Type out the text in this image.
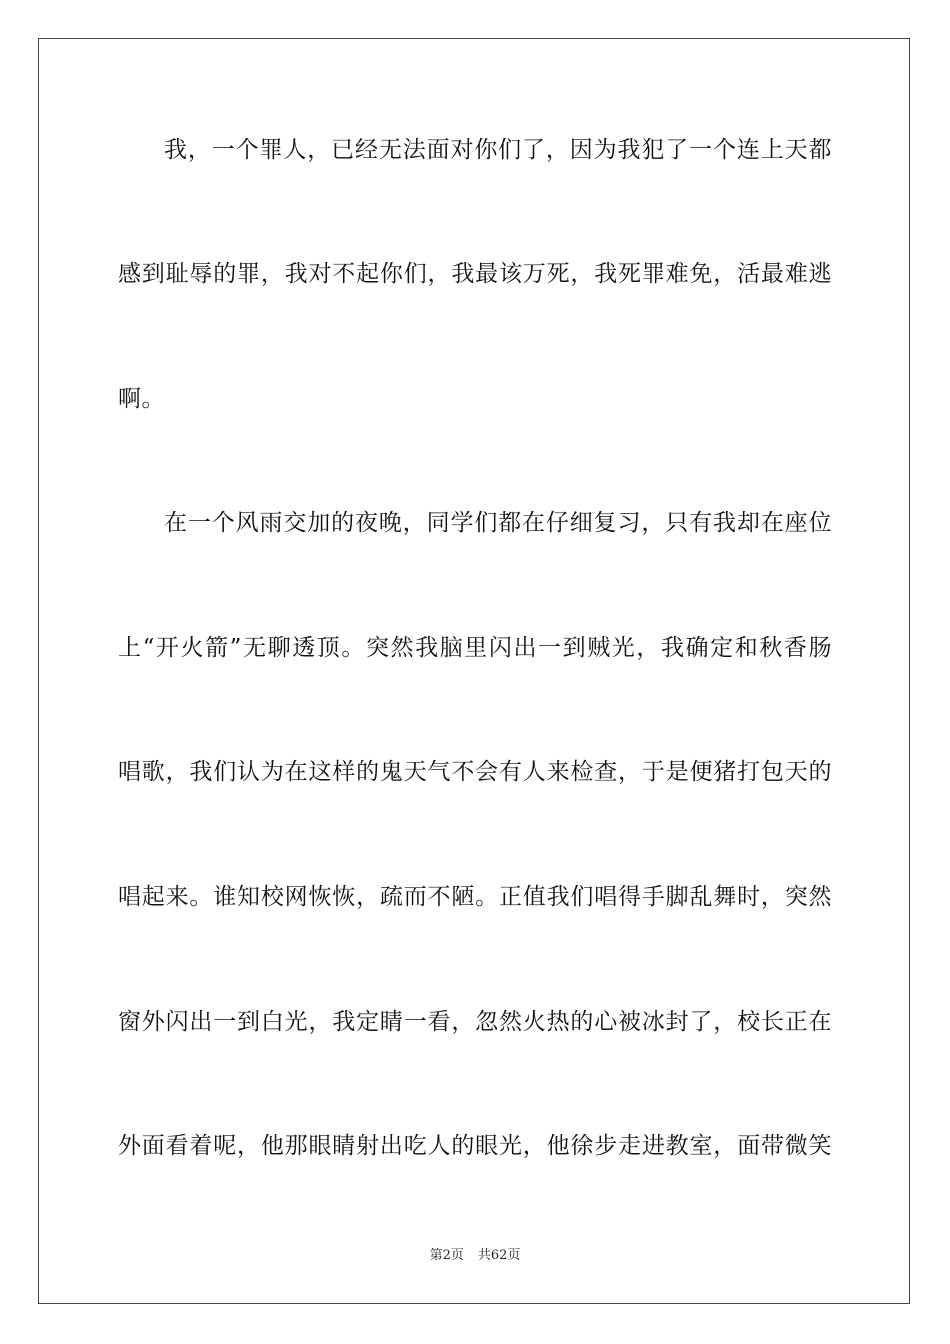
我，一个罪人，已经无法面对你们了，因为我犯了一个连上天都
感到耻辱的罪，我对不起你们，我最该万死，我死罪难免，活最难逃
啊。
在一个风雨交加的夜晚，同学们都在仔细复习，只有我却在座位
上“开火箭”无聊透顶。突然我脑里闪出一到贼光，我确定和秋香肠
唱歌，我们认为在这样的鬼天气不会有人来检查，于是便猪打包天的
唱起来。谁知校网恢恢，疏而不陋。正值我们唱得手脚乱舞时，突然
窗外闪出一到白光，我定睛一看，忽然火热的心被冰封了，校长正在
外面看着呢，他那眼睛射出吃人的眼光，他徐步走进教室，面带微笑
第2页 共62页
